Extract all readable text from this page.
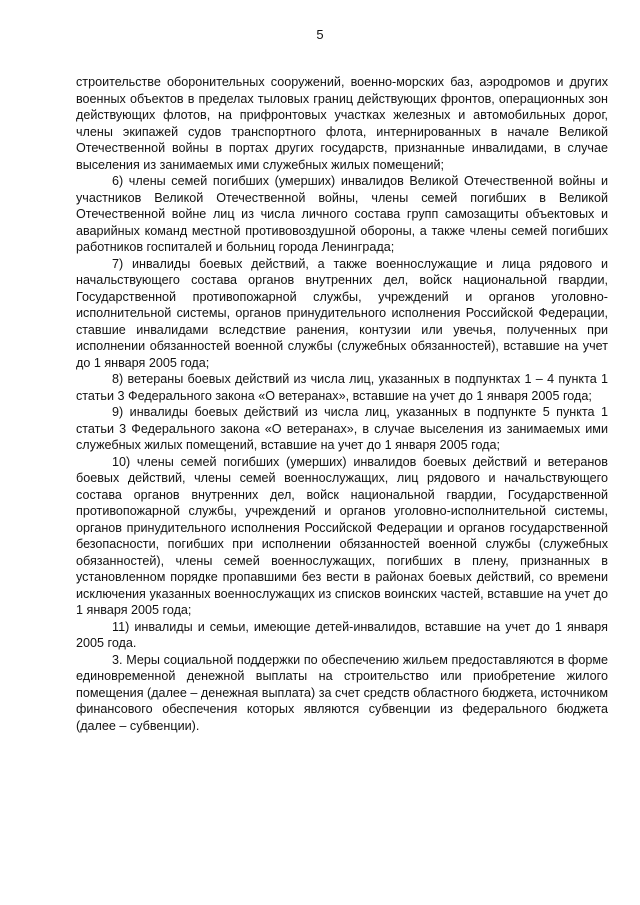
5

строительстве оборонительных сооружений, военно-морских баз, аэродромов и других военных объектов в пределах тыловых границ действующих фронтов, операционных зон действующих флотов, на прифронтовых участках железных и автомобильных дорог, члены экипажей судов транспортного флота, интернированных в начале Великой Отечественной войны в портах других государств, признанные инвалидами, в случае выселения из занимаемых ими служебных жилых помещений;

6) члены семей погибших (умерших) инвалидов Великой Отечественной войны и участников Великой Отечественной войны, члены семей погибших в Великой Отечественной войне лиц из числа личного состава групп самозащиты объектовых и аварийных команд местной противовоздушной обороны, а также члены семей погибших работников госпиталей и больниц города Ленинграда;

7) инвалиды боевых действий, а также военнослужащие и лица рядового и начальствующего состава органов внутренних дел, войск национальной гвардии, Государственной противопожарной службы, учреждений и органов уголовно-исполнительной системы, органов принудительного исполнения Российской Федерации, ставшие инвалидами вследствие ранения, контузии или увечья, полученных при исполнении обязанностей военной службы (служебных обязанностей), вставшие на учет до 1 января 2005 года;

8) ветераны боевых действий из числа лиц, указанных в подпунктах 1 – 4 пункта 1 статьи 3 Федерального закона «О ветеранах», вставшие на учет до 1 января 2005 года;

9) инвалиды боевых действий из числа лиц, указанных в подпункте 5 пункта 1 статьи 3 Федерального закона «О ветеранах», в случае выселения из занимаемых ими служебных жилых помещений, вставшие на учет до 1 января 2005 года;

10) члены семей погибших (умерших) инвалидов боевых действий и ветеранов боевых действий, члены семей военнослужащих, лиц рядового и начальствующего состава органов внутренних дел, войск национальной гвардии, Государственной противопожарной службы, учреждений и органов уголовно-исполнительной системы, органов принудительного исполнения Российской Федерации и органов государственной безопасности, погибших при исполнении обязанностей военной службы (служебных обязанностей), члены семей военнослужащих, погибших в плену, признанных в установленном порядке пропавшими без вести в районах боевых действий, со времени исключения указанных военнослужащих из списков воинских частей, вставшие на учет до 1 января 2005 года;

11) инвалиды и семьи, имеющие детей-инвалидов, вставшие на учет до 1 января 2005 года.

3. Меры социальной поддержки по обеспечению жильем предоставляются в форме единовременной денежной выплаты на строительство или приобретение жилого помещения (далее – денежная выплата) за счет средств областного бюджета, источником финансового обеспечения которых являются субвенции из федерального бюджета (далее – субвенции).
